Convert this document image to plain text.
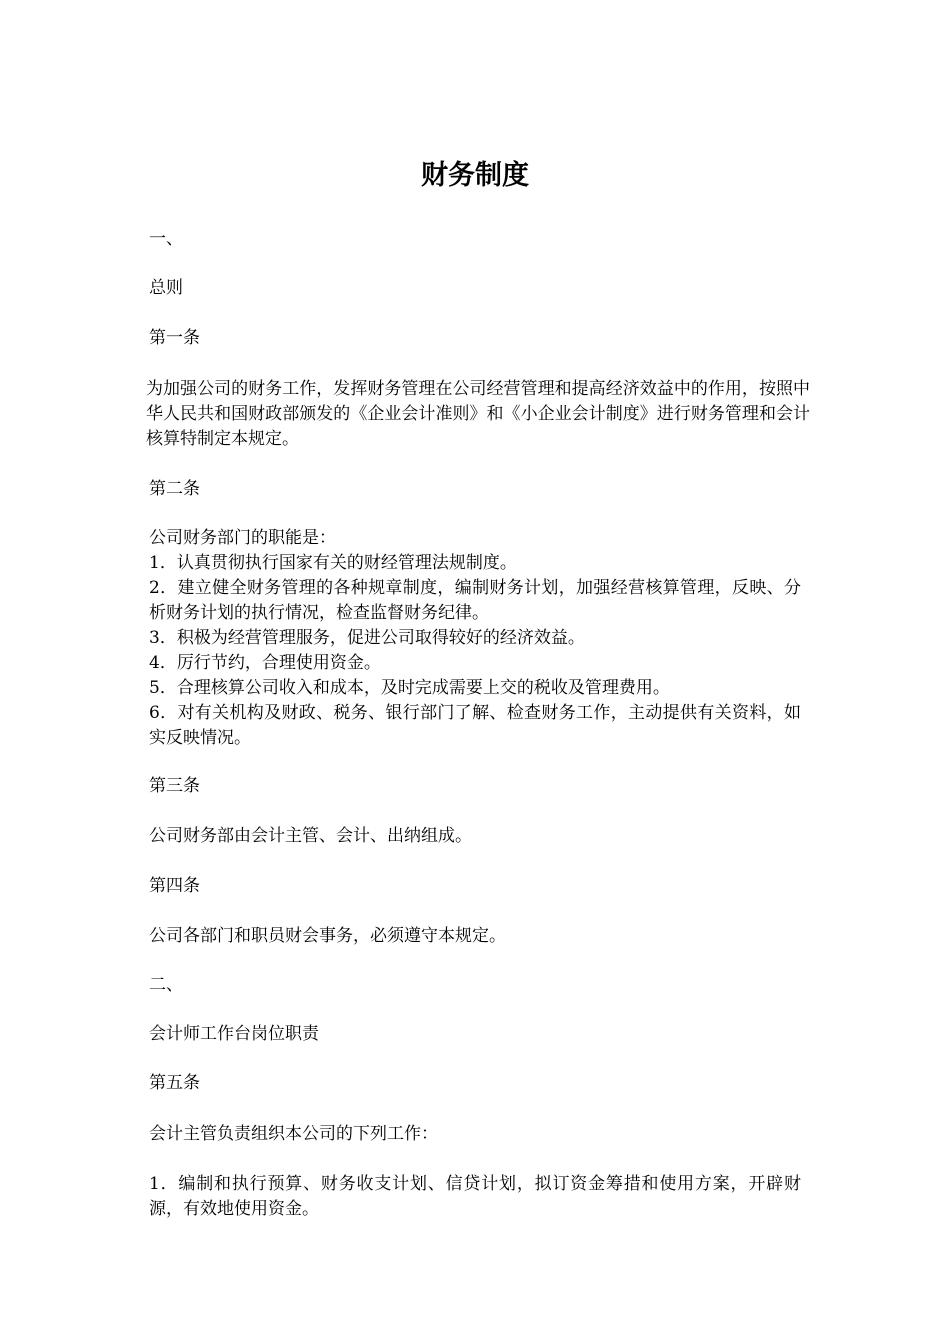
财务制度
一、
总则
第一条
为加强公司的财务工作，发挥财务管理在公司经营管理和提高经济效益中的作用，按照中华人民共和国财政部颁发的《企业会计准则》和《小企业会计制度》进行财务管理和会计核算特制定本规定。
第二条
公司财务部门的职能是：
1．认真贯彻执行国家有关的财经管理法规制度。
2．建立健全财务管理的各种规章制度，编制财务计划，加强经营核算管理，反映、分析财务计划的执行情况，检查监督财务纪律。
3．积极为经营管理服务，促进公司取得较好的经济效益。
4．厉行节约，合理使用资金。
5．合理核算公司收入和成本，及时完成需要上交的税收及管理费用。
6．对有关机构及财政、税务、银行部门了解、检查财务工作，主动提供有关资料，如实反映情况。
第三条
公司财务部由会计主管、会计、出纳组成。
第四条
公司各部门和职员财会事务，必须遵守本规定。
二、
会计师工作台岗位职责
第五条
会计主管负责组织本公司的下列工作：
1．编制和执行预算、财务收支计划、信贷计划，拟订资金筹措和使用方案，开辟财源，有效地使用资金。
